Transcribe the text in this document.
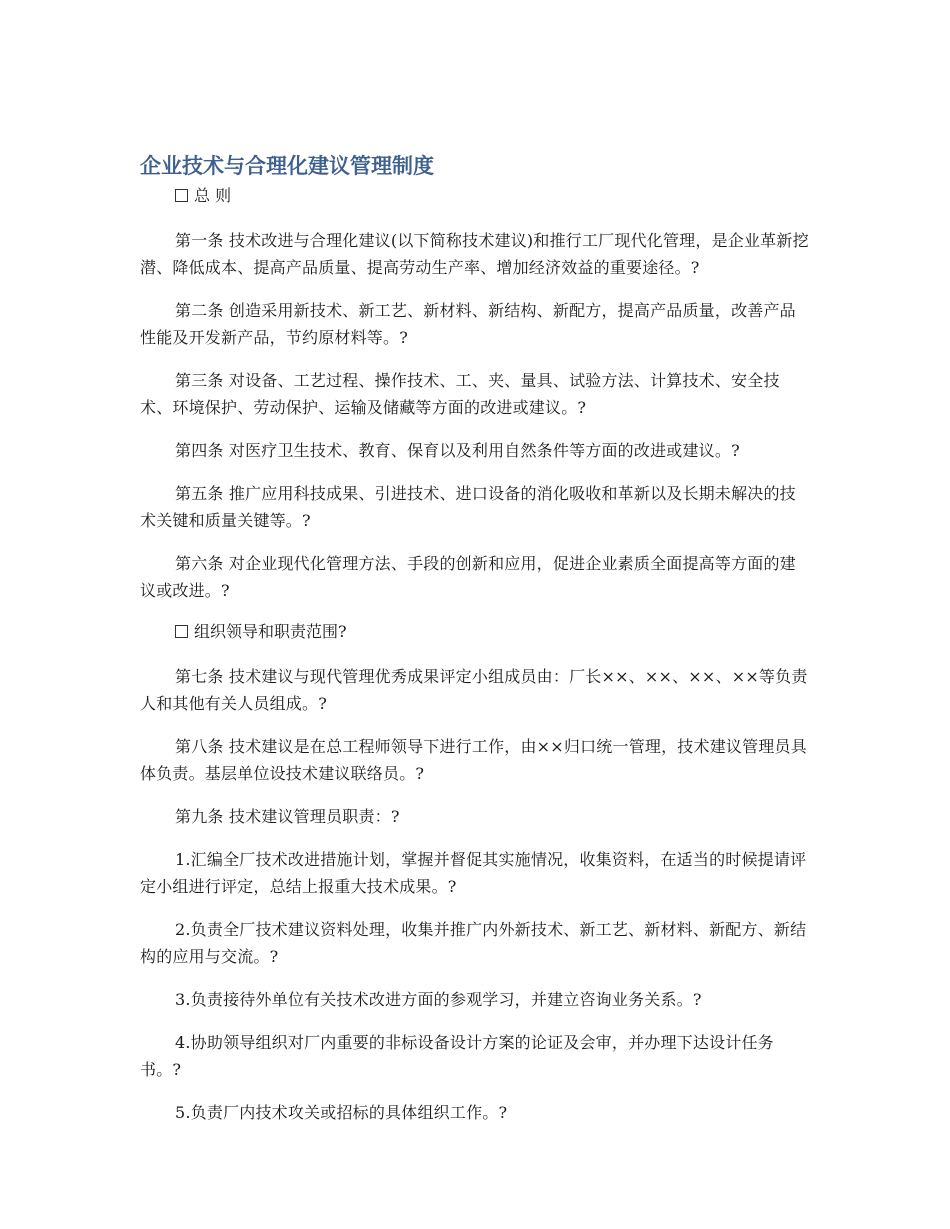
企业技术与合理化建议管理制度

总 则

第一条 技术改进与合理化建议(以下简称技术建议)和推行工厂现代化管理，是企业革新挖潜、降低成本、提高产品质量、提高劳动生产率、增加经济效益的重要途径。?

第二条 创造采用新技术、新工艺、新材料、新结构、新配方，提高产品质量，改善产品性能及开发新产品，节约原材料等。?

第三条 对设备、工艺过程、操作技术、工、夹、量具、试验方法、计算技术、安全技术、环境保护、劳动保护、运输及储藏等方面的改进或建议。?

第四条 对医疗卫生技术、教育、保育以及利用自然条件等方面的改进或建议。?

第五条 推广应用科技成果、引进技术、进口设备的消化吸收和革新以及长期未解决的技术关键和质量关键等。?

第六条 对企业现代化管理方法、手段的创新和应用，促进企业素质全面提高等方面的建议或改进。?

组织领导和职责范围?

第七条 技术建议与现代管理优秀成果评定小组成员由：厂长××、××、××、××等负责人和其他有关人员组成。?

第八条 技术建议是在总工程师领导下进行工作，由××归口统一管理，技术建议管理员具体负责。基层单位设技术建议联络员。?

第九条 技术建议管理员职责：?

1.汇编全厂技术改进措施计划，掌握并督促其实施情况，收集资料，在适当的时候提请评定小组进行评定，总结上报重大技术成果。?

2.负责全厂技术建议资料处理，收集并推广内外新技术、新工艺、新材料、新配方、新结构的应用与交流。?

3.负责接待外单位有关技术改进方面的参观学习，并建立咨询业务关系。?

4.协助领导组织对厂内重要的非标设备设计方案的论证及会审，并办理下达设计任务书。?

5.负责厂内技术攻关或招标的具体组织工作。?
